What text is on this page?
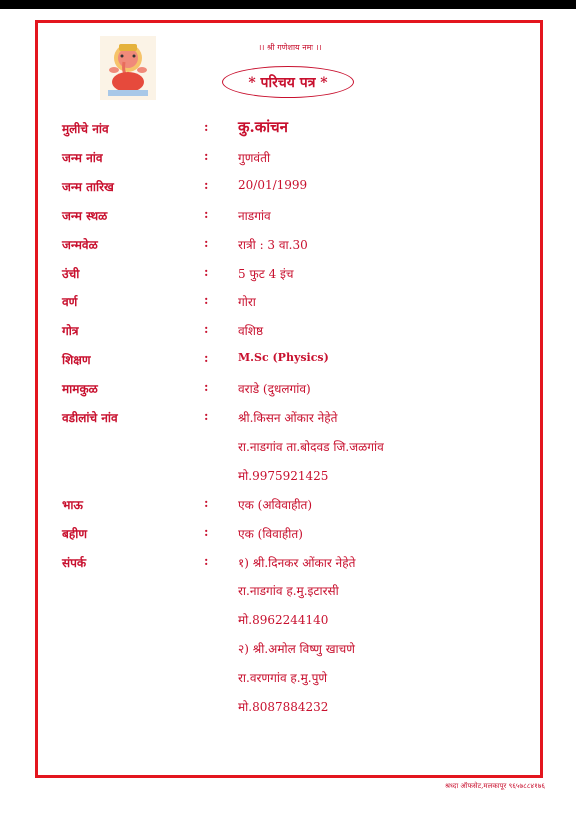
।। श्री गणेशाय नमः ।।
* परिचय पत्र *
मुलीचे नांव	: कु.कांचन
जन्म नांव	: गुणवंती
जन्म तारिख	: 20/01/1999
जन्म स्थळ	: नाडगांव
जन्मवेळ	: रात्री : 3 वा.30
उंची	: 5 फुट 4 इंच
वर्ण	: गोरा
गोत्र	: वशिष्ठ
शिक्षण	:	M.Sc (Physics)
मामकुळ	: वराडे (दुधलगांव)
वडीलांचे नांव	: श्री.किसन ओंकार नेहेते
रा.नाडगांव ता.बोदवड जि.जळगांव
मो.9975921425
भाऊ	: एक (अविवाहीत)
बहीण	: एक (विवाहीत)
संपर्क	: १) श्री.दिनकर ओंकार नेहेते
रा.नाडगांव ह.मु.इटारसी
मो.8962244140
२) श्री.अमोल विष्णु खाचणे
रा.वरणगांव ह.मु.पुणे
मो.8087884232
श्रध्दा ऑफसेट,मलकापूर ९६५७८८४१७६
